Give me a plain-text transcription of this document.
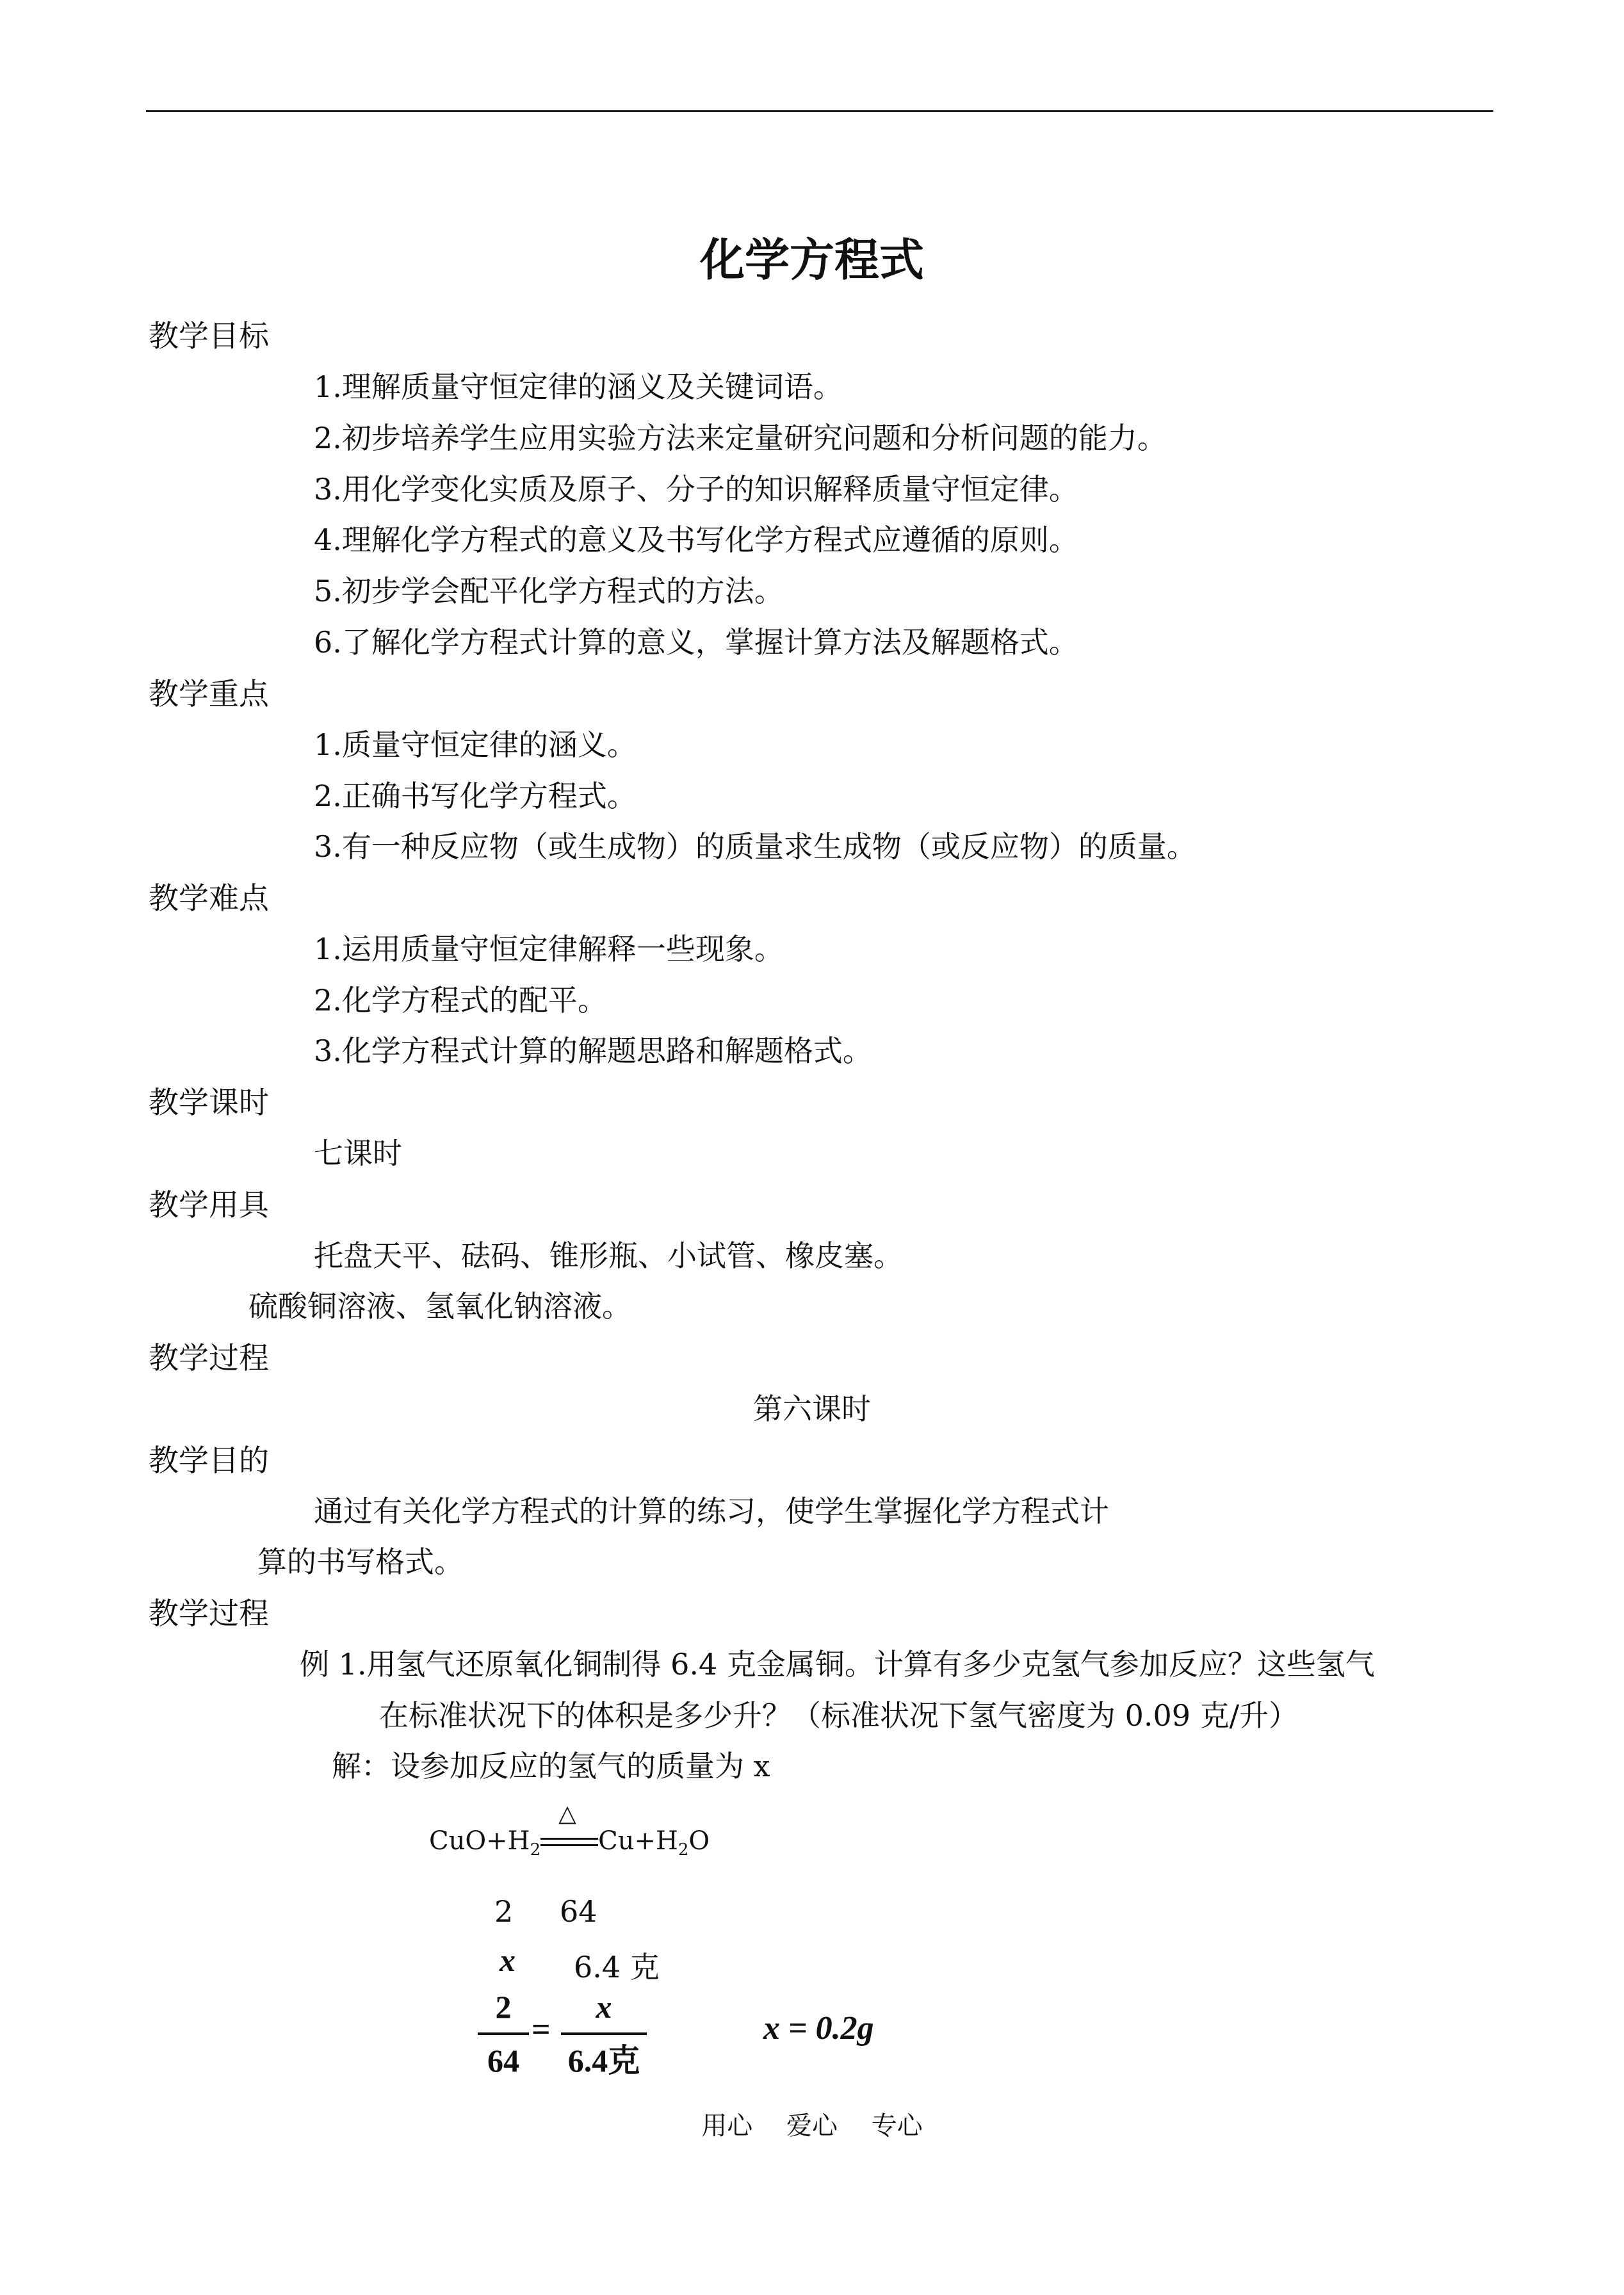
化学方程式
教学目标
1.理解质量守恒定律的涵义及关键词语。
2.初步培养学生应用实验方法来定量研究问题和分析问题的能力。
3.用化学变化实质及原子、分子的知识解释质量守恒定律。
4.理解化学方程式的意义及书写化学方程式应遵循的原则。
5.初步学会配平化学方程式的方法。
6.了解化学方程式计算的意义，掌握计算方法及解题格式。
教学重点
1.质量守恒定律的涵义。
2.正确书写化学方程式。
3.有一种反应物（或生成物）的质量求生成物（或反应物）的质量。
教学难点
1.运用质量守恒定律解释一些现象。
2.化学方程式的配平。
3.化学方程式计算的解题思路和解题格式。
教学课时
七课时
教学用具
托盘天平、砝码、锥形瓶、小试管、橡皮塞。
硫酸铜溶液、氢氧化钠溶液。
教学过程
第六课时
教学目的
通过有关化学方程式的计算的练习，使学生掌握化学方程式计
算的书写格式。
教学过程
例 1.用氢气还原氧化铜制得 6.4 克金属铜。计算有多少克氢气参加反应？这些氢气
在标准状况下的体积是多少升？（标准状况下氢气密度为 0.09 克/升）
解：设参加反应的氢气的质量为 x
$CuO+H_2$
△
$Cu+H_2O$
2 64
x 6.4 克
2
64
=
x
6.4克
x = 0.2g
用心　 爱心　 专心
